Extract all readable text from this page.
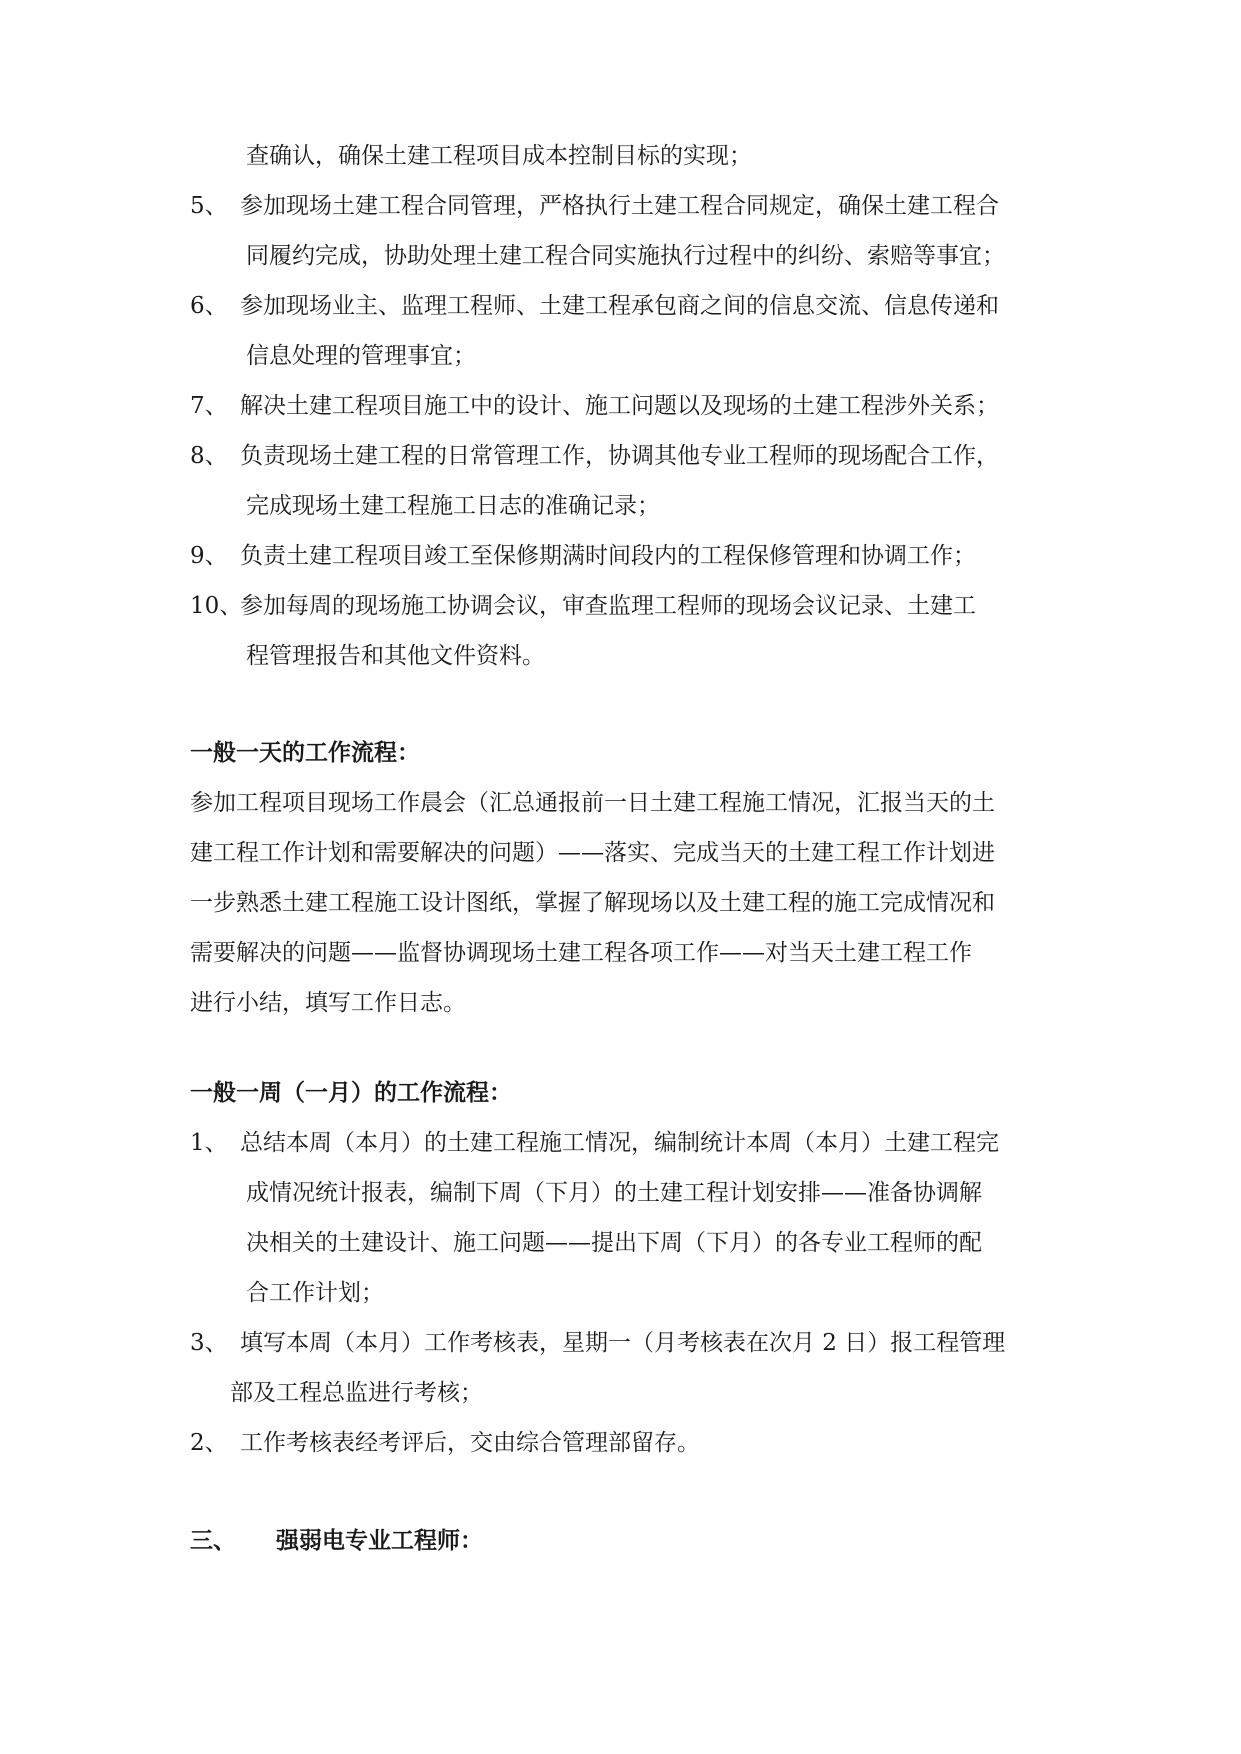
查确认，确保土建工程项目成本控制目标的实现；
5、 参加现场土建工程合同管理，严格执行土建工程合同规定，确保土建工程合
同履约完成，协助处理土建工程合同实施执行过程中的纠纷、索赔等事宜；
6、 参加现场业主、监理工程师、土建工程承包商之间的信息交流、信息传递和
信息处理的管理事宜；
7、 解决土建工程项目施工中的设计、施工问题以及现场的土建工程涉外关系；
8、 负责现场土建工程的日常管理工作，协调其他专业工程师的现场配合工作，
完成现场土建工程施工日志的准确记录；
9、 负责土建工程项目竣工至保修期满时间段内的工程保修管理和协调工作；
10、
参加每周的现场施工协调会议，审查监理工程师的现场会议记录、土建工
程管理报告和其他文件资料。
一般一天的工作流程：
参加工程项目现场工作晨会（汇总通报前一日土建工程施工情况，汇报当天的土
建工程工作计划和需要解决的问题）——落实、完成当天的土建工程工作计划进
一步熟悉土建工程施工设计图纸，掌握了解现场以及土建工程的施工完成情况和
需要解决的问题——监督协调现场土建工程各项工作——对当天土建工程工作
进行小结，填写工作日志。
一般一周（一月）的工作流程：
1、 总结本周（本月）的土建工程施工情况，编制统计本周（本月）土建工程完
成情况统计报表，编制下周（下月）的土建工程计划安排——准备协调解
决相关的土建设计、施工问题——提出下周（下月）的各专业工程师的配
合工作计划；
3、 填写本周（本月）工作考核表，星期一（月考核表在次月 2 日）报工程管理
部及工程总监进行考核；
2、 工作考核表经考评后，交由综合管理部留存。
三、 强弱电专业工程师：
